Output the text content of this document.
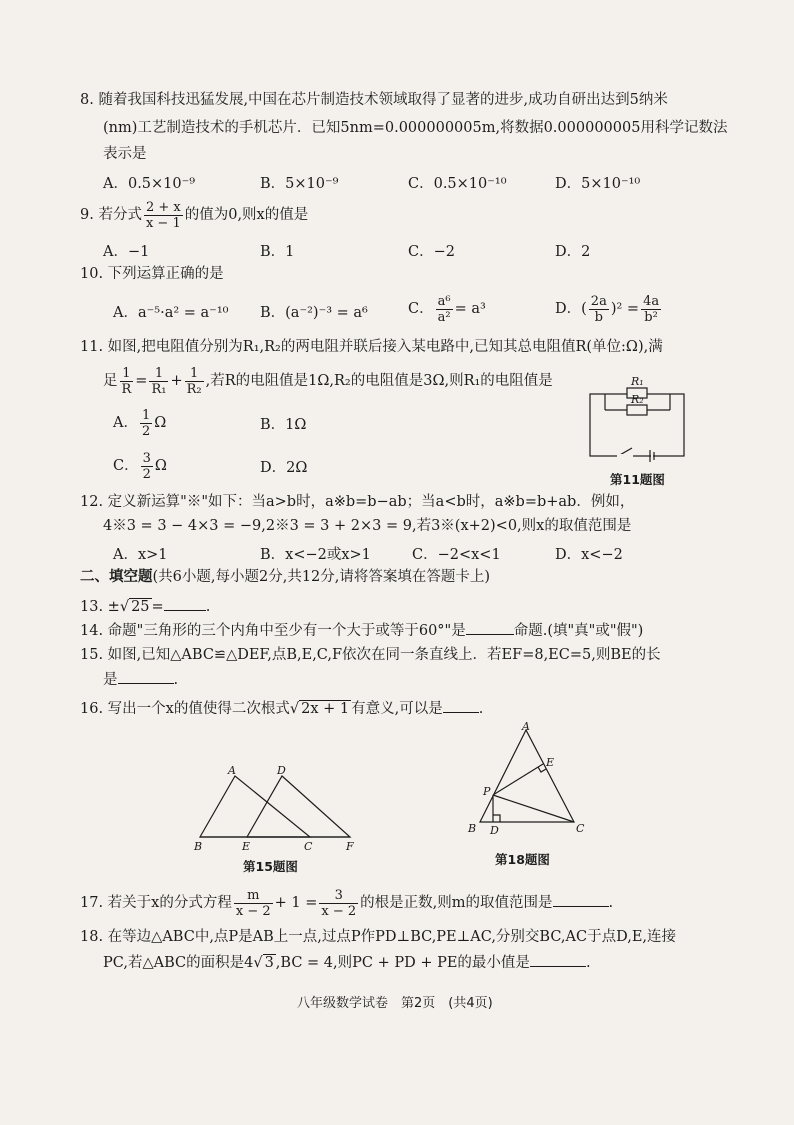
8. 随着我国科技迅猛发展,中国在芯片制造技术领域取得了显著的进步,成功自研出达到5纳米
(nm)工艺制造技术的手机芯片．已知5nm=0.000000005m,将数据0.000000005用科学记数法
表示是
A．0.5×10⁻⁹	B．5×10⁻⁹	C．0.5×10⁻¹⁰	D．5×10⁻¹⁰
9. 若分式 $\frac{2 + x}{x - 1}$ 的值为0,则x的值是
A．−1	B．1	C．−2	D．2
10. 下列运算正确的是
A．a⁻⁵·a² = a⁻¹⁰ B．(a⁻²)⁻³ = a⁶	C． $\frac{\text{a⁶}}{\text{a²}} = a^3$	D．( $\frac{2a}{b} )^2 = \frac{4a}{\text{b²}}$
11. 如图,把电阻值分别为R₁,R₂的两电阻并联后接入某电路中,已知其总电阻值R(单位:Ω),满
足 $\frac{1}{R} = \frac{1}{\text{R₁}} + \frac{1}{\text{R₂}}$ ,若R的电阻值是1Ω,R₂的电阻值是3Ω,则R₁的电阻值是
A． $\frac{1}{2}$ Ω	B．1Ω
C． $\frac{3}{2}$ Ω	D．2Ω
R₁
R₂
第11题图
12. 定义新运算"※"如下：当a>b时，a※b=b−ab；当a<b时，a※b=b+ab．例如，
4※3 = 3 − 4×3 = −9,2※3 = 3 + 2×3 = 9,若3※(x+2)<0,则x的取值范围是
A．x>1	B．x<−2或x>1	C．−2<x<1	D．x<−2
二、填空题(共6小题,每小题2分,共12分,请将答案填在答题卡上)
13. ±√ 25 =	.
14. 命题"三角形的三个内角中至少有一个大于或等于60°"是	命题.(填"真"或"假")
15. 如图,已知△ABC≌△DEF,点B,E,C,F依次在同一条直线上．若EF=8,EC=5,则BE的长
是	.
16. 写出一个x的值使得二次根式√ 2x + 1 有意义,可以是 .
A	D
B	E	C	F
第15题图
A
E
P
B D	C
第18题图
17. 若关于x的分式方程 $\frac{m}{x - 2} + 1 = \frac{3}{x - 2}$ 的根是正数,则m的取值范围是	.
18. 在等边△ABC中,点P是AB上一点,过点P作PD⊥BC,PE⊥AC,分别交BC,AC于点D,E,连接
PC,若△ABC的面积是4√ 3 ,BC = 4,则PC + PD + PE的最小值是	.
八年级数学试卷　第2页　(共4页)
